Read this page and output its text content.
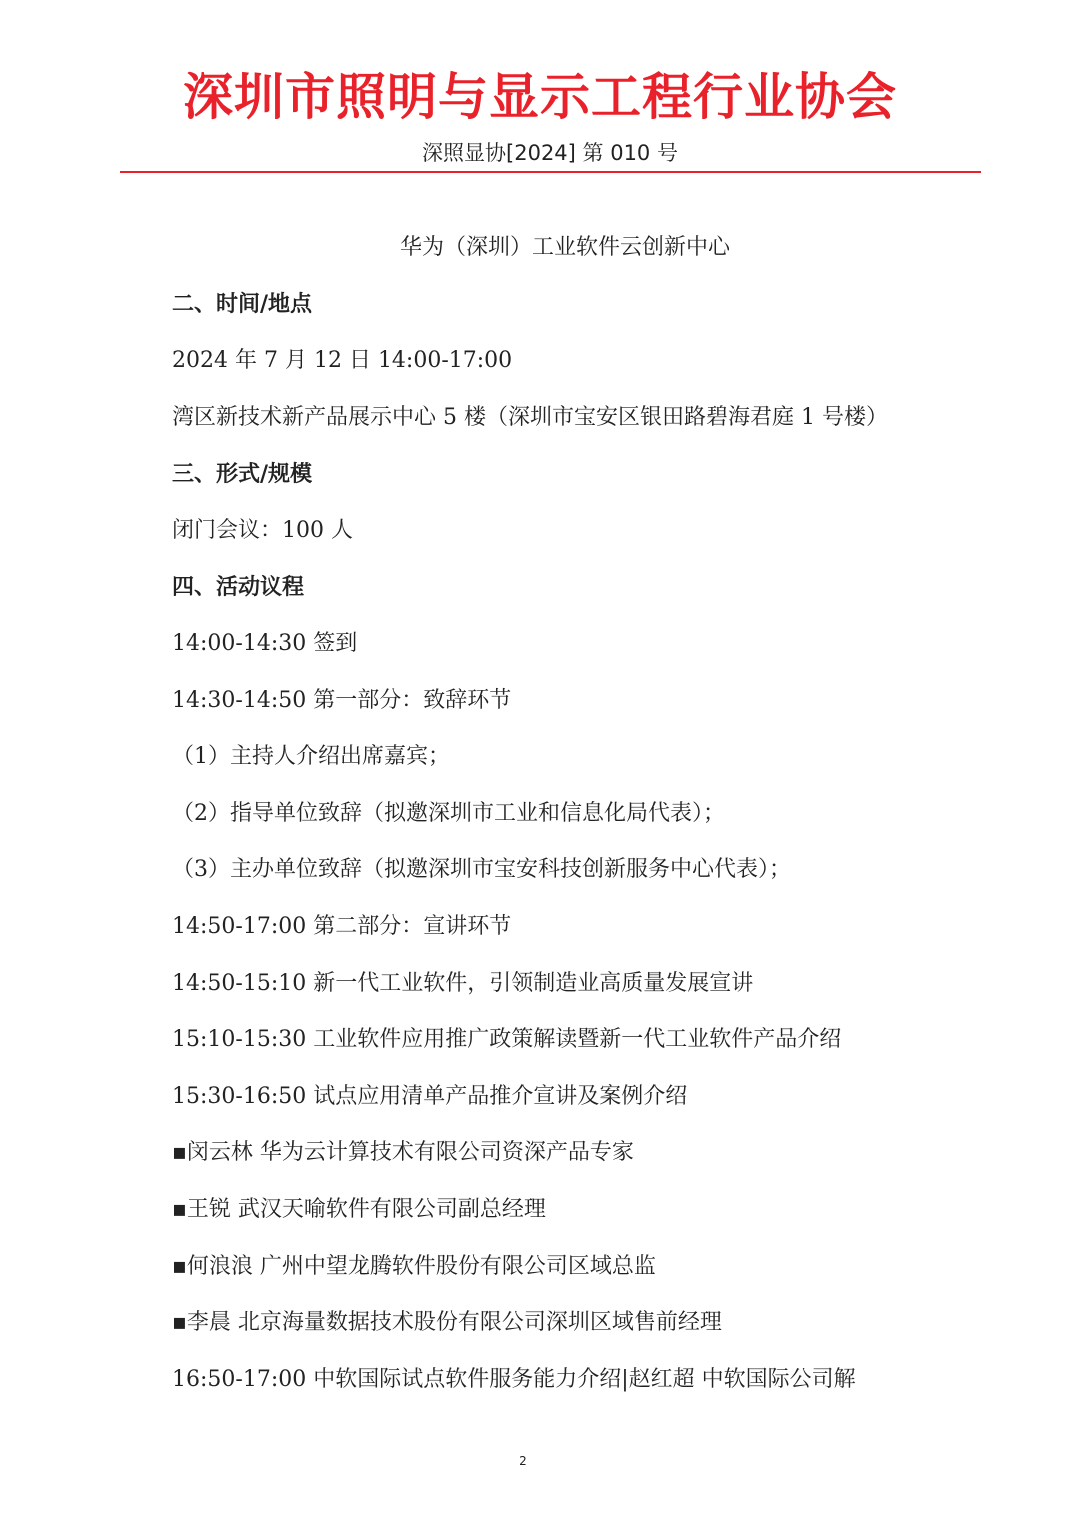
深圳市照明与显示工程行业协会
深照显协[2024] 第 010 号
华为（深圳）工业软件云创新中心
二、时间/地点
2024 年 7 月 12 日 14:00-17:00
湾区新技术新产品展示中心 5 楼（深圳市宝安区银田路碧海君庭 1 号楼）
三、形式/规模
闭门会议：100 人
四、活动议程
14:00-14:30 签到
14:30-14:50 第一部分：致辞环节
（1）主持人介绍出席嘉宾；
（2）指导单位致辞（拟邀深圳市工业和信息化局代表）；
（3）主办单位致辞（拟邀深圳市宝安科技创新服务中心代表）；
14:50-17:00 第二部分：宣讲环节
14:50-15:10 新一代工业软件，引领制造业高质量发展宣讲
15:10-15:30 工业软件应用推广政策解读暨新一代工业软件产品介绍
15:30-16:50 试点应用清单产品推介宣讲及案例介绍
▪闵云林 华为云计算技术有限公司资深产品专家
▪王锐 武汉天喻软件有限公司副总经理
▪何浪浪 广州中望龙腾软件股份有限公司区域总监
▪李晨 北京海量数据技术股份有限公司深圳区域售前经理
16:50-17:00 中软国际试点软件服务能力介绍|赵红超 中软国际公司解
2
